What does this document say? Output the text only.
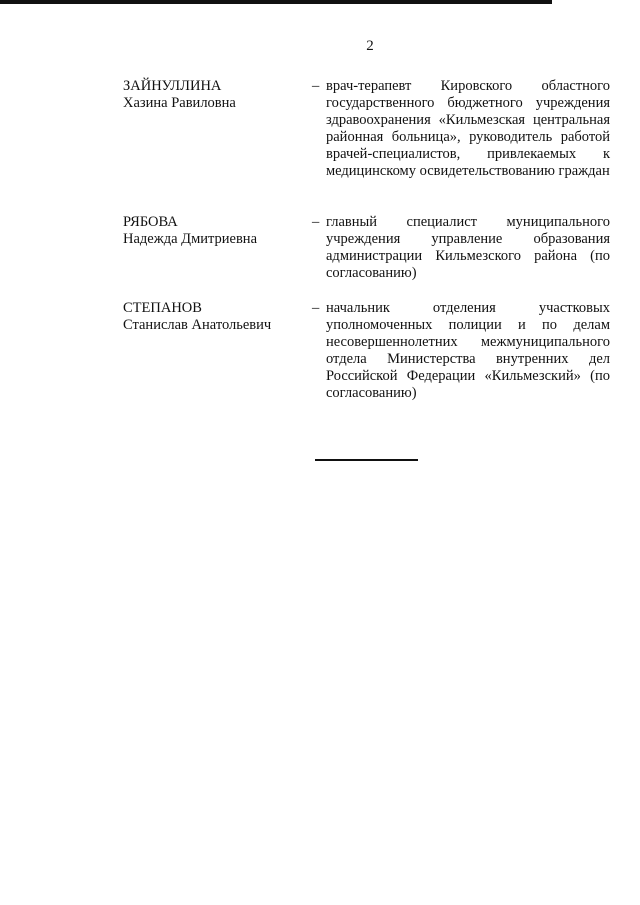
2
ЗАЙНУЛЛИНА
Хазина Равиловна
– врач-терапевт Кировского областного государственного бюджетного учреждения здравоохранения «Кильмезская центральная районная больница», руководитель работой врачей-специалистов, привлекаемых к медицинскому освидетельствованию граждан
РЯБОВА
Надежда Дмитриевна
– главный специалист муниципального учреждения управление образования администрации Кильмезского района (по согласованию)
СТЕПАНОВ
Станислав Анатольевич
– начальник отделения участковых уполномоченных полиции и по делам несовершеннолетних межмуниципального отдела Министерства внутренних дел Российской Федерации «Кильмезский» (по согласованию)
